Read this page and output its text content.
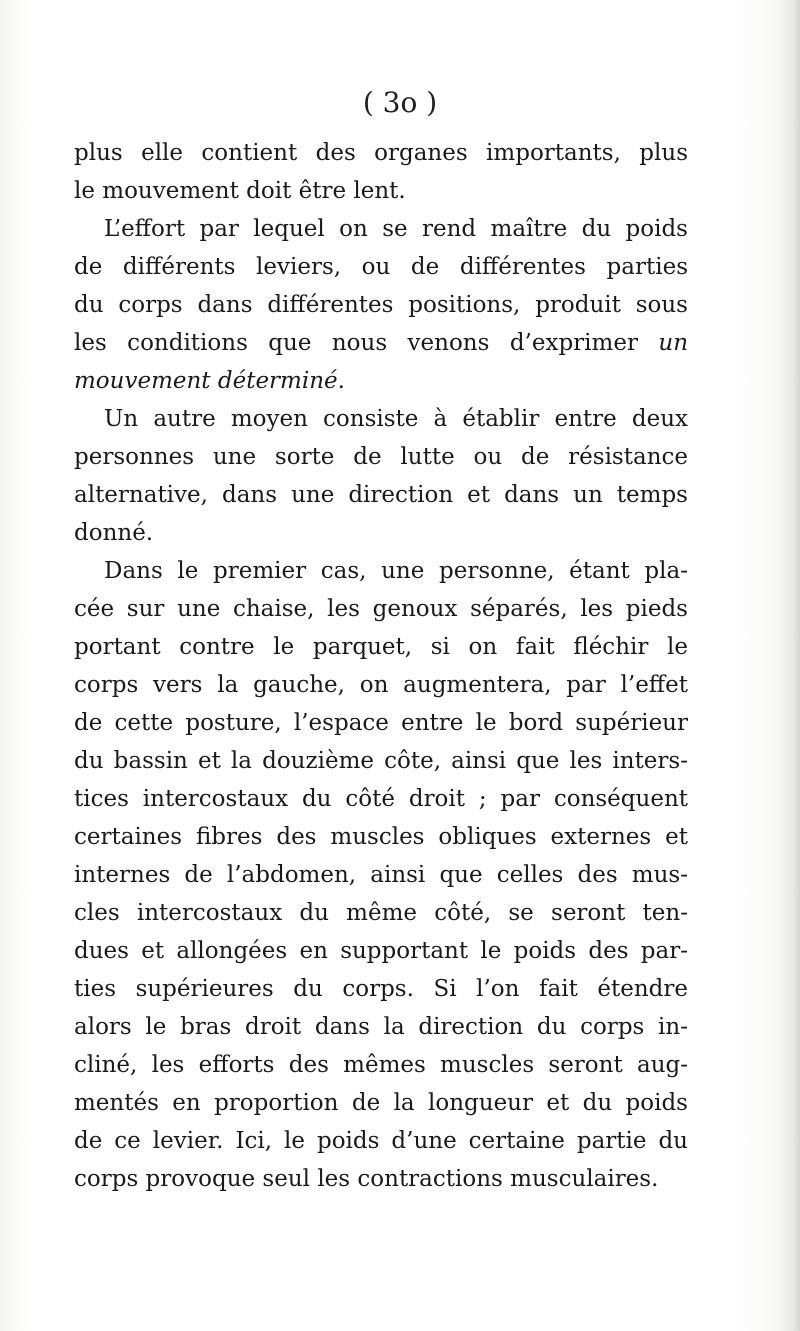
( 3o )
plus elle contient des organes importants, plus
le mouvement doit être lent.
L’effort par lequel on se rend maître du poids
de différents leviers, ou de différentes parties
du corps dans différentes positions, produit sous
les conditions que nous venons d’exprimer un
mouvement déterminé.
Un autre moyen consiste à établir entre deux
personnes une sorte de lutte ou de résistance
alternative, dans une direction et dans un temps
donné.
Dans le premier cas, une personne, étant pla-
cée sur une chaise, les genoux séparés, les pieds
portant contre le parquet, si on fait fléchir le
corps vers la gauche, on augmentera, par l’effet
de cette posture, l’espace entre le bord supérieur
du bassin et la douzième côte, ainsi que les inters-
tices intercostaux du côté droit ; par conséquent
certaines fibres des muscles obliques externes et
internes de l’abdomen, ainsi que celles des mus-
cles intercostaux du même côté, se seront ten-
dues et allongées en supportant le poids des par-
ties supérieures du corps. Si l’on fait étendre
alors le bras droit dans la direction du corps in-
cliné, les efforts des mêmes muscles seront aug-
mentés en proportion de la longueur et du poids
de ce levier. Ici, le poids d’une certaine partie du
corps provoque seul les contractions musculaires.
